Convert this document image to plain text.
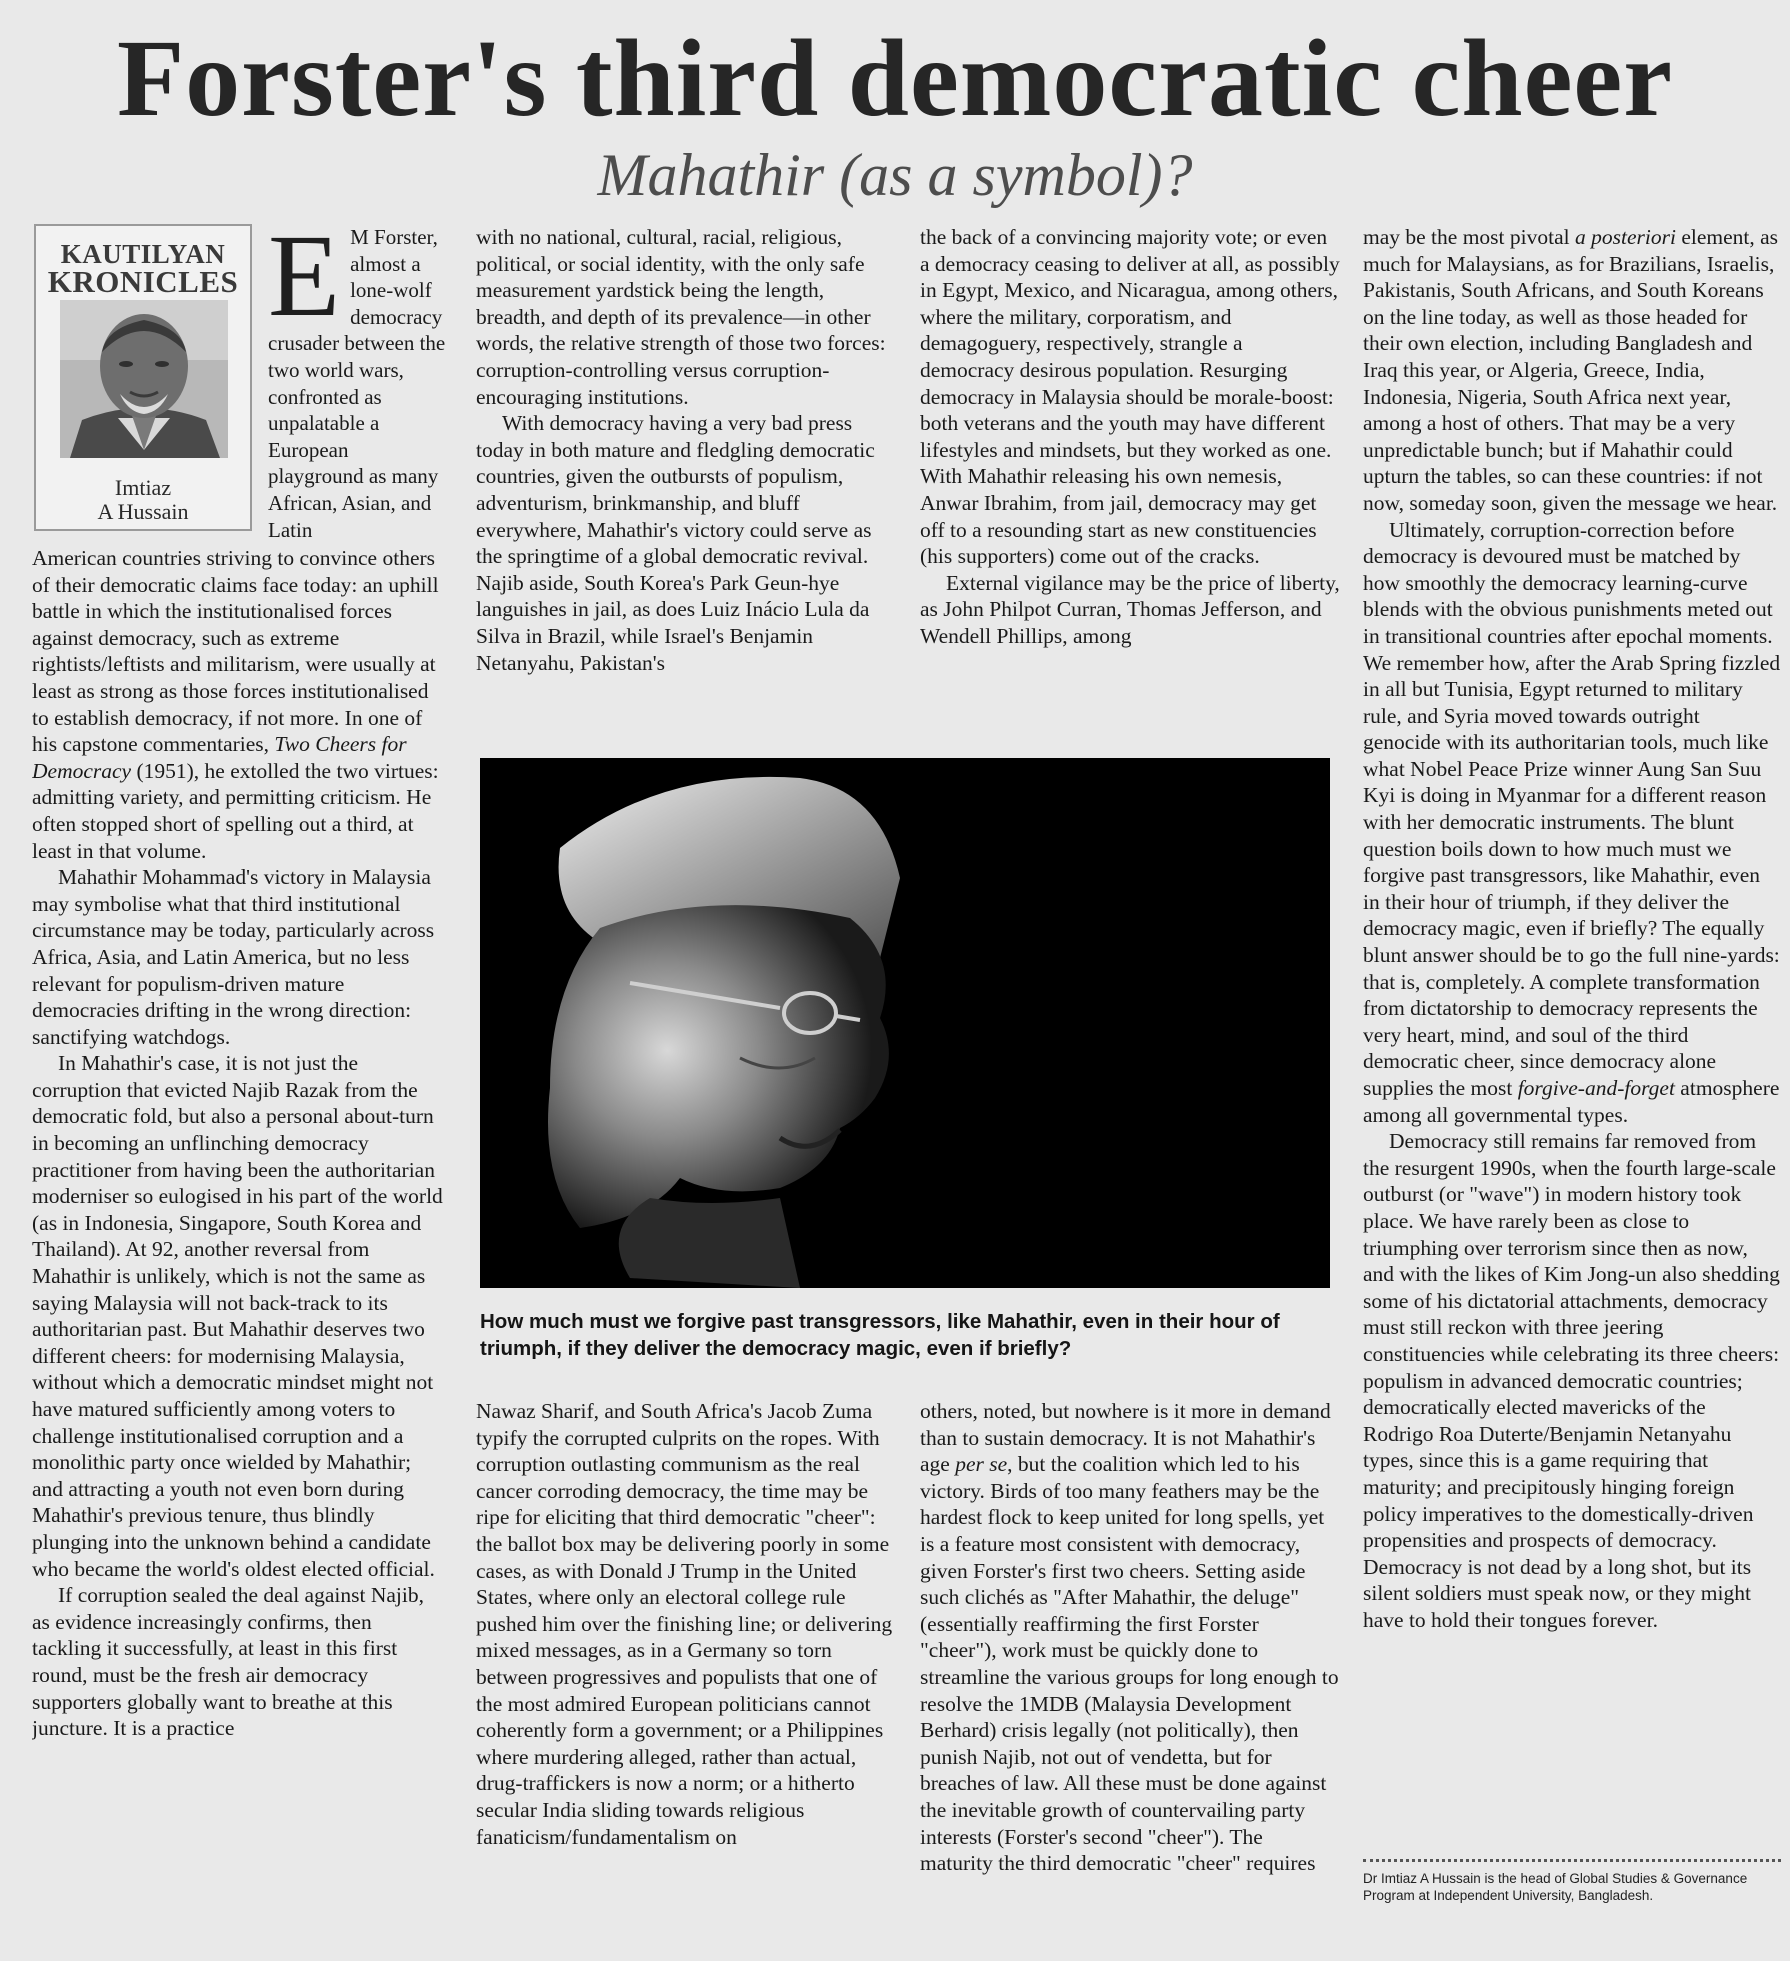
Forster's third democratic cheer
Mahathir (as a symbol)?
KAUTILYAN
KRONICLES
Imtiaz
A Hussain

E M Forster, almost a lone-wolf democracy crusader between the two world wars, confronted as unpalatable a European playground as many African, Asian, and Latin

American countries striving to convince others of their democratic claims face today: an uphill battle in which the institutionalised forces against democracy, such as extreme rightists/leftists and militarism, were usually at least as strong as those forces institutionalised to establish democracy, if not more. In one of his capstone commentaries, Two Cheers for Democracy (1951), he extolled the two virtues: admitting variety, and permitting criticism. He often stopped short of spelling out a third, at least in that volume.

Mahathir Mohammad's victory in Malaysia may symbolise what that third institutional circumstance may be today, particularly across Africa, Asia, and Latin America, but no less relevant for populism-driven mature democracies drifting in the wrong direction: sanctifying watchdogs.

In Mahathir's case, it is not just the corruption that evicted Najib Razak from the democratic fold, but also a personal about-turn in becoming an unflinching democracy practitioner from having been the authoritarian moderniser so eulogised in his part of the world (as in Indonesia, Singapore, South Korea and Thailand). At 92, another reversal from Mahathir is unlikely, which is not the same as saying Malaysia will not back-track to its authoritarian past. But Mahathir deserves two different cheers: for modernising Malaysia, without which a democratic mindset might not have matured sufficiently among voters to challenge institutionalised corruption and a monolithic party once wielded by Mahathir; and attracting a youth not even born during Mahathir's previous tenure, thus blindly plunging into the unknown behind a candidate who became the world's oldest elected official.

If corruption sealed the deal against Najib, as evidence increasingly confirms, then tackling it successfully, at least in this first round, must be the fresh air democracy supporters globally want to breathe at this juncture. It is a practice

with no national, cultural, racial, religious, political, or social identity, with the only safe measurement yardstick being the length, breadth, and depth of its prevalence—in other words, the relative strength of those two forces: corruption-controlling versus corruption-encouraging institutions.

With democracy having a very bad press today in both mature and fledgling democratic countries, given the outbursts of populism, adventurism, brinkmanship, and bluff everywhere, Mahathir's victory could serve as the springtime of a global democratic revival. Najib aside, South Korea's Park Geun-hye languishes in jail, as does Luiz Inácio Lula da Silva in Brazil, while Israel's Benjamin Netanyahu, Pakistan's

the back of a convincing majority vote; or even a democracy ceasing to deliver at all, as possibly in Egypt, Mexico, and Nicaragua, among others, where the military, corporatism, and demagoguery, respectively, strangle a democracy desirous population. Resurging democracy in Malaysia should be morale-boost: both veterans and the youth may have different lifestyles and mindsets, but they worked as one. With Mahathir releasing his own nemesis, Anwar Ibrahim, from jail, democracy may get off to a resounding start as new constituencies (his supporters) come out of the cracks.

External vigilance may be the price of liberty, as John Philpot Curran, Thomas Jefferson, and Wendell Phillips, among

How much must we forgive past transgressors, like Mahathir, even in their hour of triumph, if they deliver the democracy magic, even if briefly?

Nawaz Sharif, and South Africa's Jacob Zuma typify the corrupted culprits on the ropes. With corruption outlasting communism as the real cancer corroding democracy, the time may be ripe for eliciting that third democratic "cheer": the ballot box may be delivering poorly in some cases, as with Donald J Trump in the United States, where only an electoral college rule pushed him over the finishing line; or delivering mixed messages, as in a Germany so torn between progressives and populists that one of the most admired European politicians cannot coherently form a government; or a Philippines where murdering alleged, rather than actual, drug-traffickers is now a norm; or a hitherto secular India sliding towards religious fanaticism/fundamentalism on

others, noted, but nowhere is it more in demand than to sustain democracy. It is not Mahathir's age per se, but the coalition which led to his victory. Birds of too many feathers may be the hardest flock to keep united for long spells, yet is a feature most consistent with democracy, given Forster's first two cheers. Setting aside such clichés as "After Mahathir, the deluge" (essentially reaffirming the first Forster "cheer"), work must be quickly done to streamline the various groups for long enough to resolve the 1MDB (Malaysia Development Berhard) crisis legally (not politically), then punish Najib, not out of vendetta, but for breaches of law. All these must be done against the inevitable growth of countervailing party interests (Forster's second "cheer"). The maturity the third democratic "cheer" requires

may be the most pivotal a posteriori element, as much for Malaysians, as for Brazilians, Israelis, Pakistanis, South Africans, and South Koreans on the line today, as well as those headed for their own election, including Bangladesh and Iraq this year, or Algeria, Greece, India, Indonesia, Nigeria, South Africa next year, among a host of others. That may be a very unpredictable bunch; but if Mahathir could upturn the tables, so can these countries: if not now, someday soon, given the message we hear.

Ultimately, corruption-correction before democracy is devoured must be matched by how smoothly the democracy learning-curve blends with the obvious punishments meted out in transitional countries after epochal moments. We remember how, after the Arab Spring fizzled in all but Tunisia, Egypt returned to military rule, and Syria moved towards outright genocide with its authoritarian tools, much like what Nobel Peace Prize winner Aung San Suu Kyi is doing in Myanmar for a different reason with her democratic instruments. The blunt question boils down to how much must we forgive past transgressors, like Mahathir, even in their hour of triumph, if they deliver the democracy magic, even if briefly? The equally blunt answer should be to go the full nine-yards: that is, completely. A complete transformation from dictatorship to democracy represents the very heart, mind, and soul of the third democratic cheer, since democracy alone supplies the most forgive-and-forget atmosphere among all governmental types.

Democracy still remains far removed from the resurgent 1990s, when the fourth large-scale outburst (or "wave") in modern history took place. We have rarely been as close to triumphing over terrorism since then as now, and with the likes of Kim Jong-un also shedding some of his dictatorial attachments, democracy must still reckon with three jeering constituencies while celebrating its three cheers: populism in advanced democratic countries; democratically elected mavericks of the Rodrigo Roa Duterte/Benjamin Netanyahu types, since this is a game requiring that maturity; and precipitously hinging foreign policy imperatives to the domestically-driven propensities and prospects of democracy. Democracy is not dead by a long shot, but its silent soldiers must speak now, or they might have to hold their tongues forever.

Dr Imtiaz A Hussain is the head of Global Studies & Governance Program at Independent University, Bangladesh.
